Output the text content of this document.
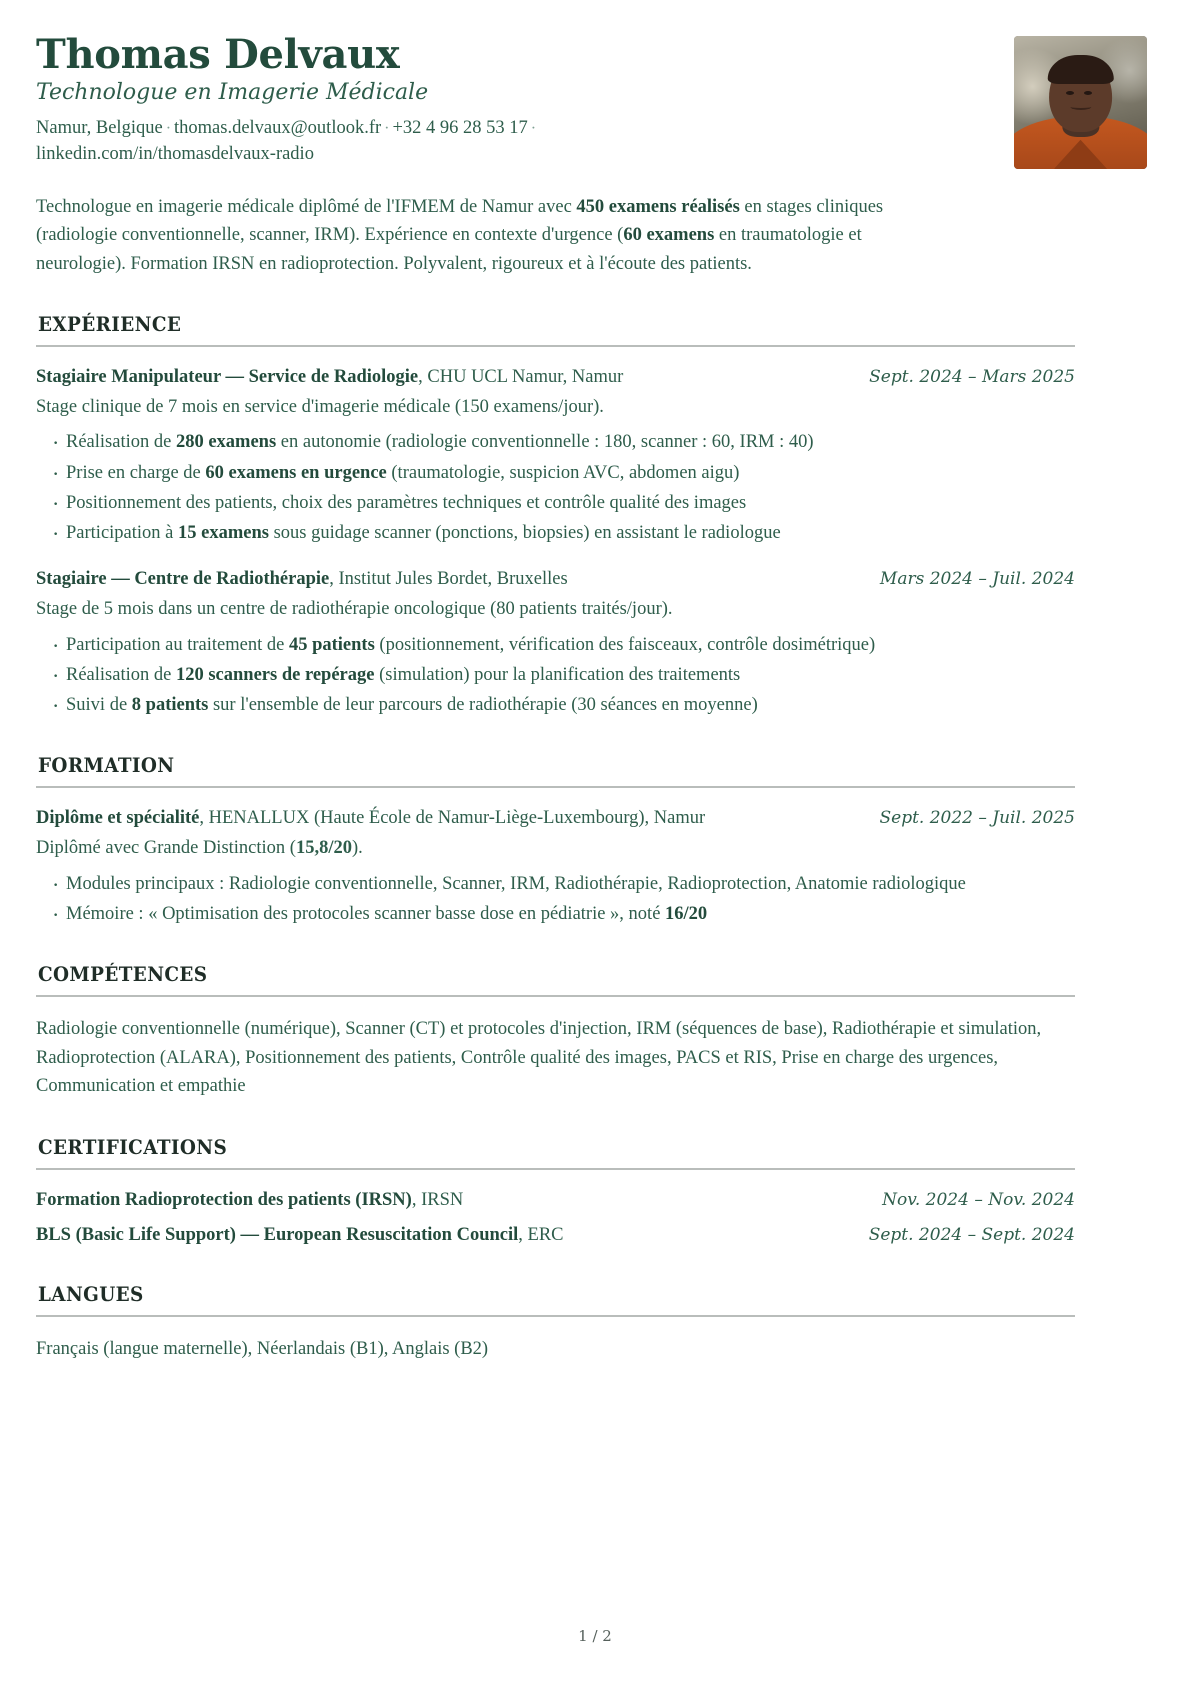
Thomas Delvaux
Technologue en Imagerie Médicale
Namur, Belgique · thomas.delvaux@outlook.fr · +32 4 96 28 53 17 · linkedin.com/in/thomasdelvaux-radio

Technologue en imagerie médicale diplômé de l'IFMEM de Namur avec 450 examens réalisés en stages cliniques (radiologie conventionnelle, scanner, IRM). Expérience en contexte d'urgence (60 examens en traumatologie et neurologie). Formation IRSN en radioprotection. Polyvalent, rigoureux et à l'écoute des patients.

EXPÉRIENCE
Stagiaire Manipulateur — Service de Radiologie, CHU UCL Namur, Namur	Sept. 2024 – Mars 2025
Stage clinique de 7 mois en service d'imagerie médicale (150 examens/jour).
· Réalisation de 280 examens en autonomie (radiologie conventionnelle : 180, scanner : 60, IRM : 40)
· Prise en charge de 60 examens en urgence (traumatologie, suspicion AVC, abdomen aigu)
· Positionnement des patients, choix des paramètres techniques et contrôle qualité des images
· Participation à 15 examens sous guidage scanner (ponctions, biopsies) en assistant le radiologue
Stagiaire — Centre de Radiothérapie, Institut Jules Bordet, Bruxelles	Mars 2024 – Juil. 2024
Stage de 5 mois dans un centre de radiothérapie oncologique (80 patients traités/jour).
· Participation au traitement de 45 patients (positionnement, vérification des faisceaux, contrôle dosimétrique)
· Réalisation de 120 scanners de repérage (simulation) pour la planification des traitements
· Suivi de 8 patients sur l'ensemble de leur parcours de radiothérapie (30 séances en moyenne)
FORMATION
Diplôme et spécialité, HENALLUX (Haute École de Namur-Liège-Luxembourg), Namur	Sept. 2022 – Juil. 2025
Diplômé avec Grande Distinction (15,8/20).
· Modules principaux : Radiologie conventionnelle, Scanner, IRM, Radiothérapie, Radioprotection, Anatomie radiologique
· Mémoire : « Optimisation des protocoles scanner basse dose en pédiatrie », noté 16/20
COMPÉTENCES
Radiologie conventionnelle (numérique), Scanner (CT) et protocoles d'injection, IRM (séquences de base), Radiothérapie et simulation, Radioprotection (ALARA), Positionnement des patients, Contrôle qualité des images, PACS et RIS, Prise en charge des urgences, Communication et empathie
CERTIFICATIONS
Formation Radioprotection des patients (IRSN), IRSN	Nov. 2024 – Nov. 2024
BLS (Basic Life Support) — European Resuscitation Council, ERC	Sept. 2024 – Sept. 2024
LANGUES
Français (langue maternelle), Néerlandais (B1), Anglais (B2)
1 / 2
